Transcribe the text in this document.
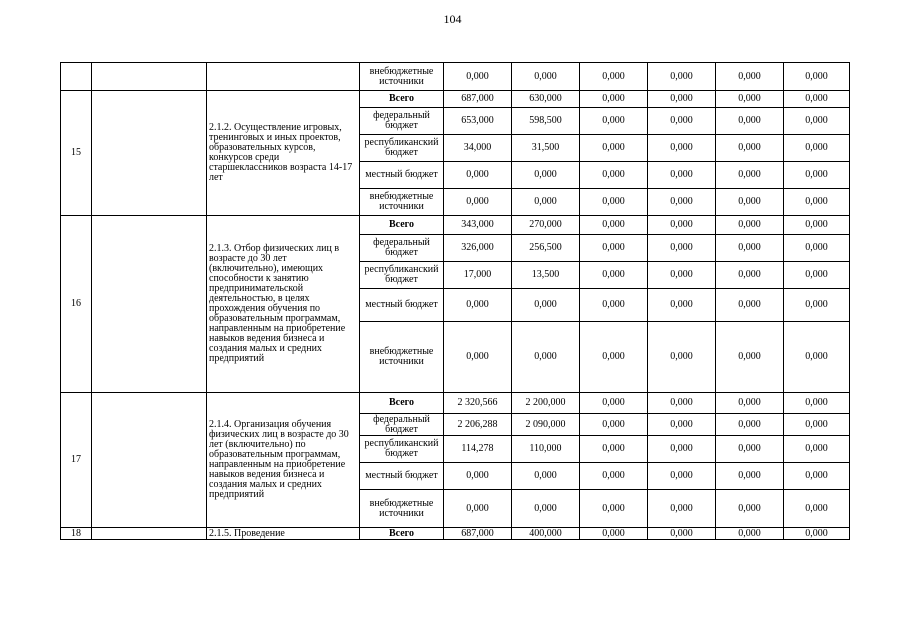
104
			внебюджетные источники	0,000	0,000	0,000	0,000	0,000	0,000
15		2.1.2. Осуществление игровых, тренинговых и иных проектов, образовательных курсов, конкурсов среди старшеклассников возраста 14-17 лет	Всего	687,000	630,000	0,000	0,000	0,000	0,000
			федеральный бюджет	653,000	598,500	0,000	0,000	0,000	0,000
			республиканский бюджет	34,000	31,500	0,000	0,000	0,000	0,000
			местный бюджет	0,000	0,000	0,000	0,000	0,000	0,000
			внебюджетные источники	0,000	0,000	0,000	0,000	0,000	0,000
16		2.1.3. Отбор физических лиц в возрасте до 30 лет (включительно), имеющих способности к занятию предпринимательской деятельностью, в целях прохождения обучения по образовательным программам, направленным на приобретение навыков ведения бизнеса и создания малых и средних предприятий	Всего	343,000	270,000	0,000	0,000	0,000	0,000
			федеральный бюджет	326,000	256,500	0,000	0,000	0,000	0,000
			республиканский бюджет	17,000	13,500	0,000	0,000	0,000	0,000
			местный бюджет	0,000	0,000	0,000	0,000	0,000	0,000
			внебюджетные источники	0,000	0,000	0,000	0,000	0,000	0,000
17		2.1.4. Организация обучения физических лиц в возрасте до 30 лет (включительно) по образовательным программам, направленным на приобретение навыков ведения бизнеса и создания малых и средних предприятий	Всего	2 320,566	2 200,000	0,000	0,000	0,000	0,000
			федеральный бюджет	2 206,288	2 090,000	0,000	0,000	0,000	0,000
			республиканский бюджет	114,278	110,000	0,000	0,000	0,000	0,000
			местный бюджет	0,000	0,000	0,000	0,000	0,000	0,000
			внебюджетные источники	0,000	0,000	0,000	0,000	0,000	0,000
18		2.1.5. Проведение	Всего	687,000	400,000	0,000	0,000	0,000	0,000
